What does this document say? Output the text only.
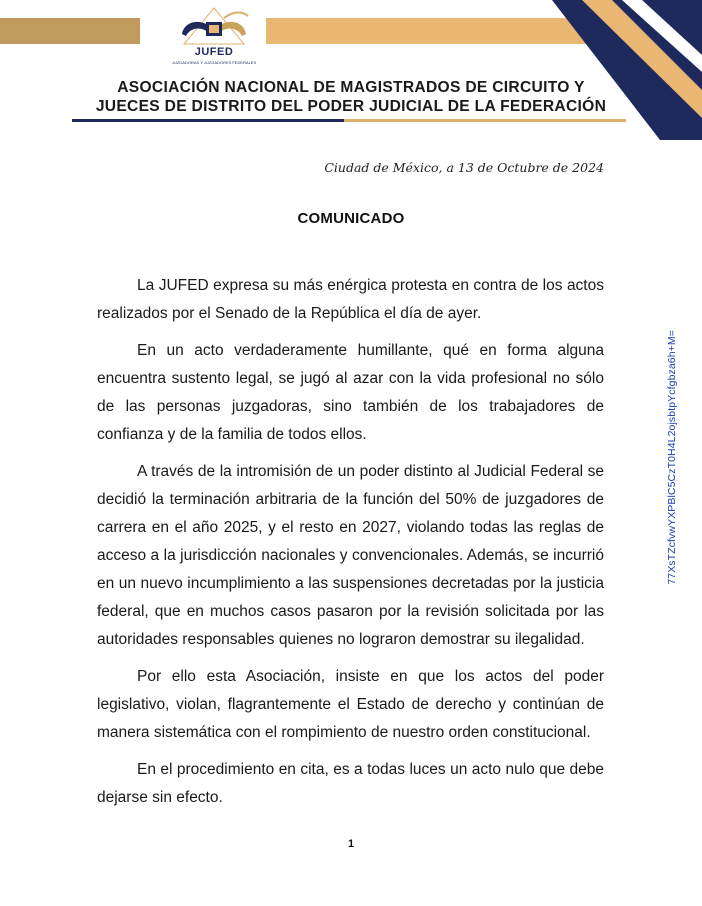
JUFED
JUZGADORAS Y JUZGADORES FEDERALES
ASOCIACIÓN NACIONAL DE MAGISTRADOS DE CIRCUITO Y
JUECES DE DISTRITO DEL PODER JUDICIAL DE LA FEDERACIÓN
Ciudad de México, a 13 de Octubre de 2024
COMUNICADO

La JUFED expresa su más enérgica protesta en contra de los actos realizados por el Senado de la República el día de ayer.

En un acto verdaderamente humillante, qué en forma alguna encuentra sustento legal, se jugó al azar con la vida profesional no sólo de las personas juzgadoras, sino también de los trabajadores de confianza y de la familia de todos ellos.

A través de la intromisión de un poder distinto al Judicial Federal se decidió la terminación arbitraria de la función del 50% de juzgadores de carrera en el año 2025, y el resto en 2027, violando todas las reglas de acceso a la jurisdicción nacionales y convencionales. Además, se incurrió en un nuevo incumplimiento a las suspensiones decretadas por la justicia federal, que en muchos casos pasaron por la revisión solicitada por las autoridades responsables quienes no lograron demostrar su ilegalidad.

Por ello esta Asociación, insiste en que los actos del poder legislativo, violan, flagrantemente el Estado de derecho y continúan de manera sistemática con el rompimiento de nuestro orden constitucional.

En el procedimiento en cita, es a todas luces un acto nulo que debe dejarse sin efecto.

1
77XsTZcfvwYXPBlC5CzT0H4L2ojsbtpYcfgbza6h+M=
